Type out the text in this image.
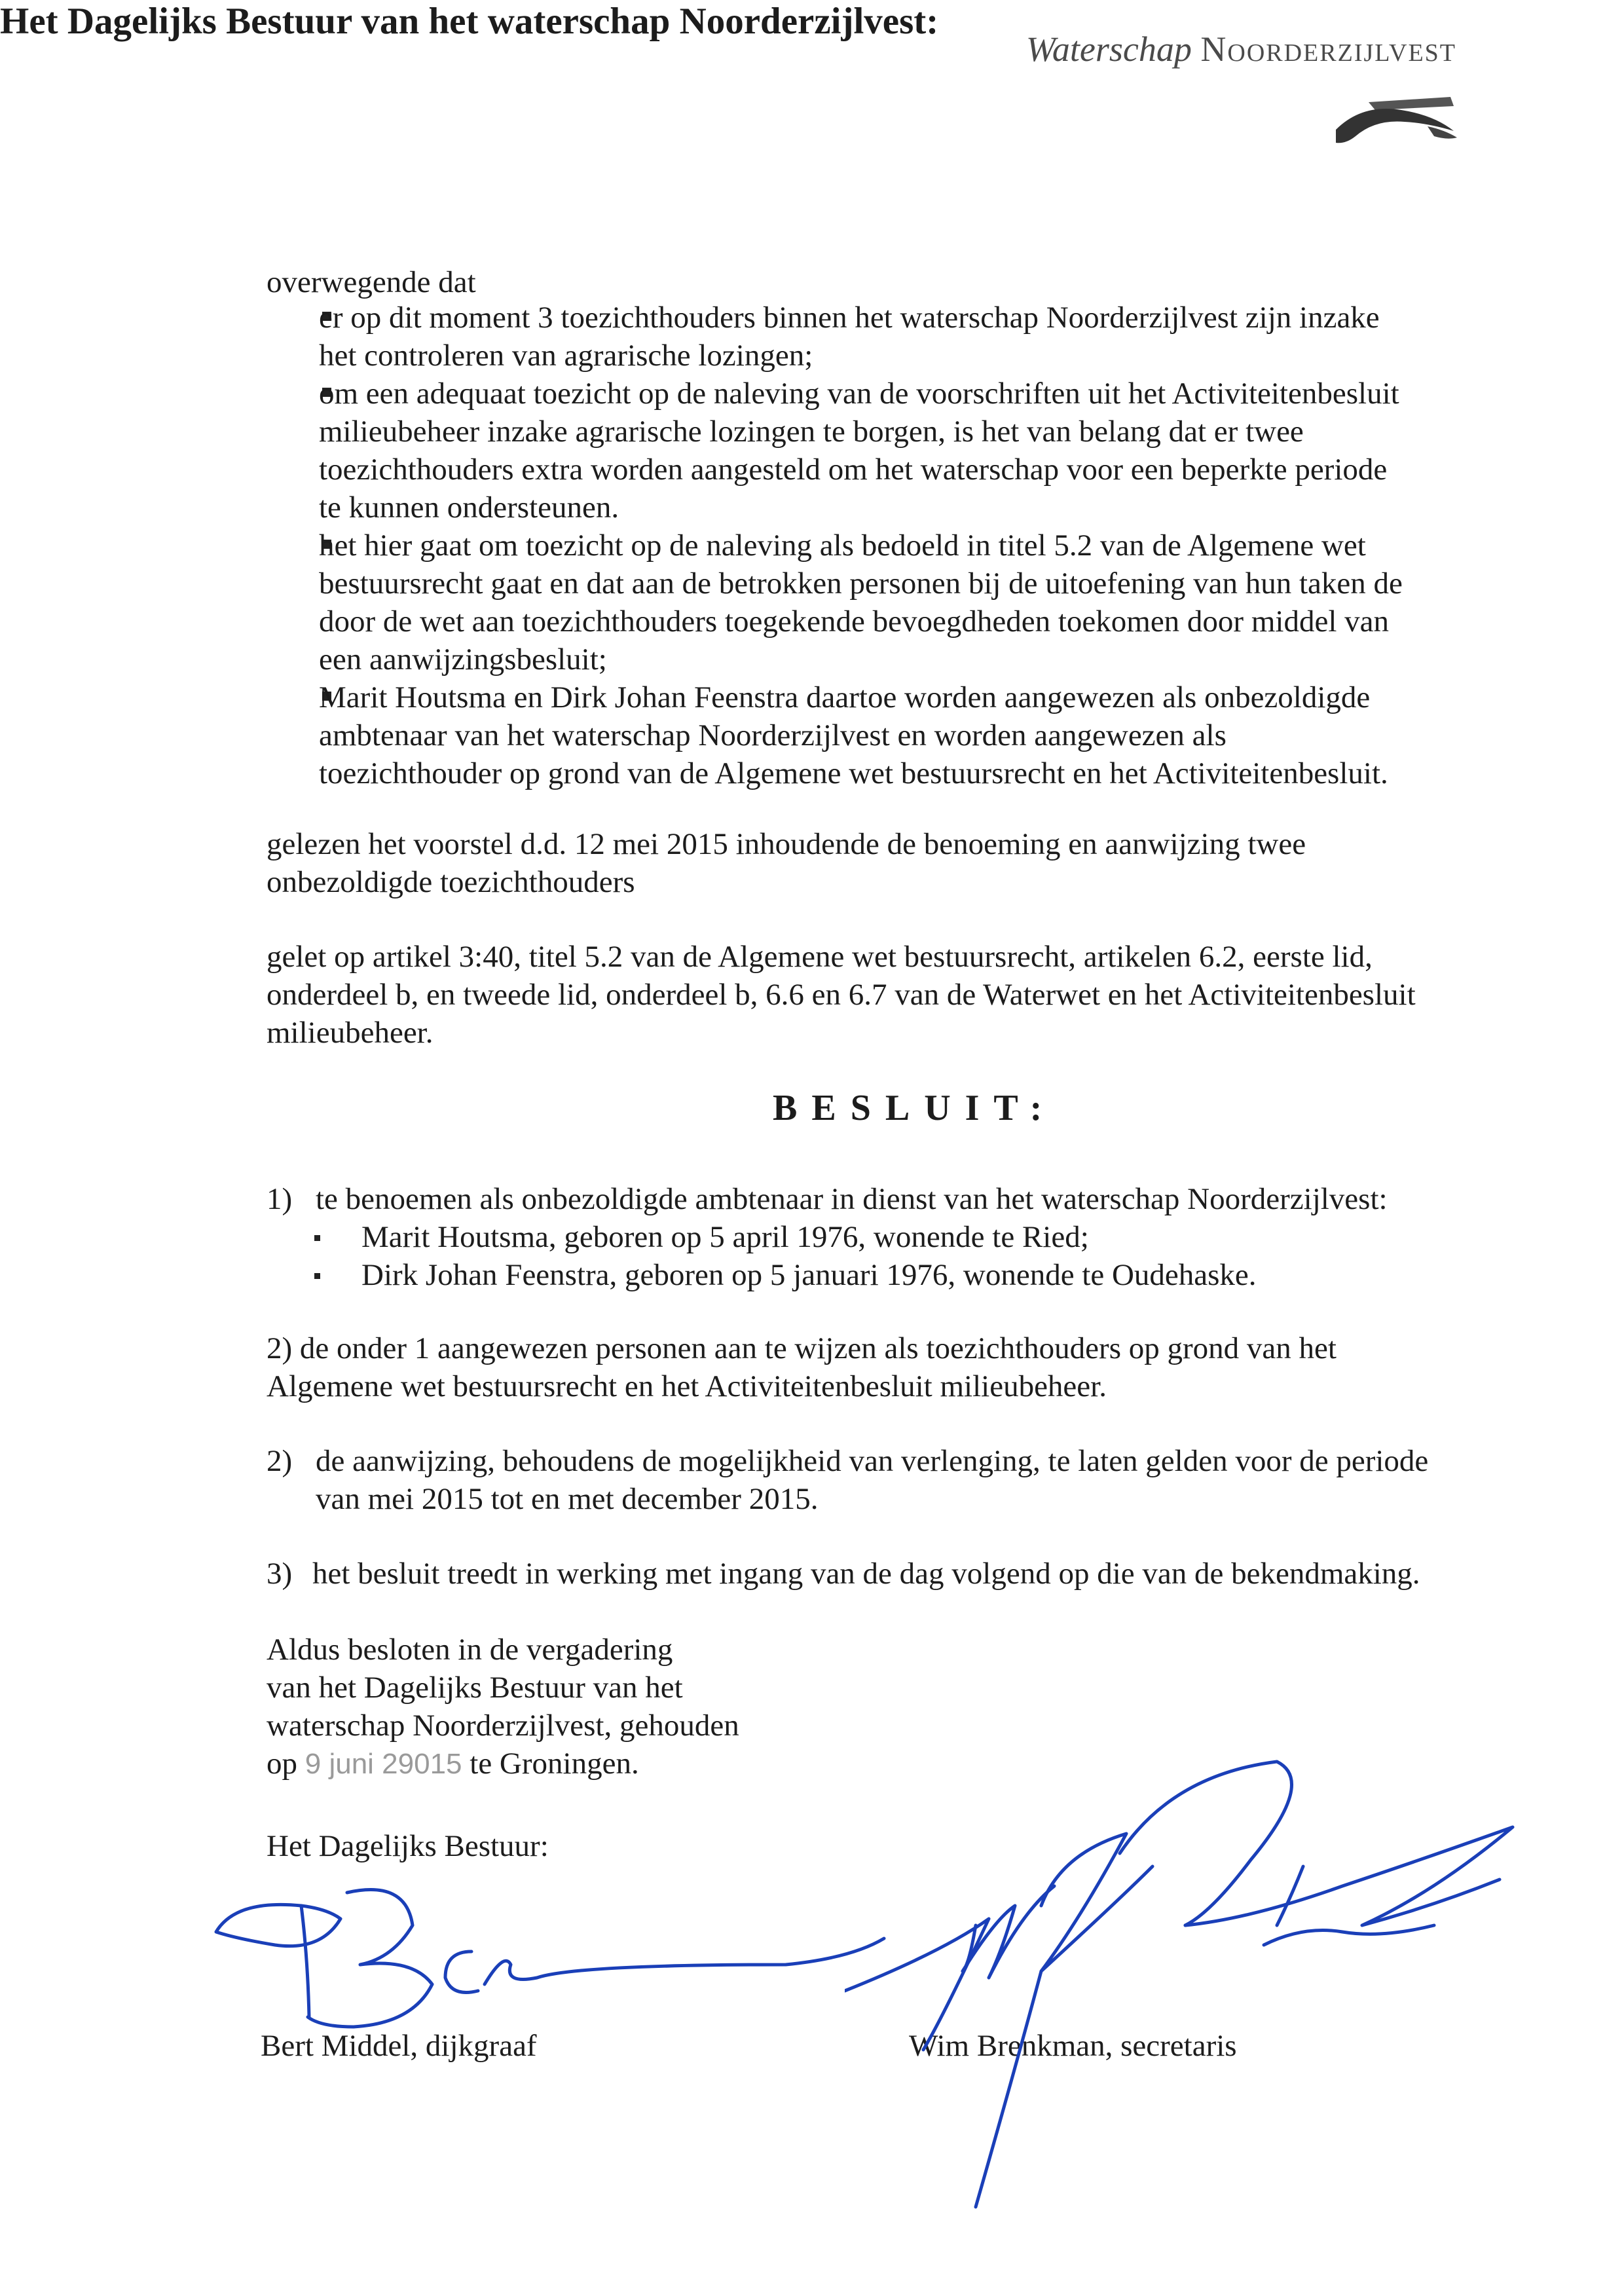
Waterschap Noorderzijlvest
Het Dagelijks Bestuur van het waterschap Noorderzijlvest:
overwegende dat
er op dit moment 3 toezichthouders binnen het waterschap Noorderzijlvest zijn inzake
het controleren van agrarische lozingen;
om een adequaat toezicht op de naleving van de voorschriften uit het Activiteitenbesluit
milieubeheer inzake agrarische lozingen te borgen, is het van belang dat er twee
toezichthouders extra worden aangesteld om het waterschap voor een beperkte periode
te kunnen ondersteunen.
het hier gaat om toezicht op de naleving als bedoeld in titel 5.2 van de Algemene wet
bestuursrecht gaat en dat aan de betrokken personen bij de uitoefening van hun taken de
door de wet aan toezichthouders toegekende bevoegdheden toekomen door middel van
een aanwijzingsbesluit;
Marit Houtsma en Dirk Johan Feenstra daartoe worden aangewezen als onbezoldigde
ambtenaar van het waterschap Noorderzijlvest en worden aangewezen als
toezichthouder op grond van de Algemene wet bestuursrecht en het Activiteitenbesluit.
gelezen het voorstel d.d. 12 mei 2015 inhoudende de benoeming en aanwijzing twee
onbezoldigde toezichthouders
gelet op artikel 3:40, titel 5.2 van de Algemene wet bestuursrecht, artikelen 6.2, eerste lid,
onderdeel b, en tweede lid, onderdeel b, 6.6 en 6.7 van de Waterwet en het Activiteitenbesluit
milieubeheer.
BESLUIT:
1) te benoemen als onbezoldigde ambtenaar in dienst van het waterschap Noorderzijlvest:
Marit Houtsma, geboren op 5 april 1976, wonende te Ried;
Dirk Johan Feenstra, geboren op 5 januari 1976, wonende te Oudehaske.
2) de onder 1 aangewezen personen aan te wijzen als toezichthouders op grond van het
Algemene wet bestuursrecht en het Activiteitenbesluit milieubeheer.
2) de aanwijzing, behoudens de mogelijkheid van verlenging, te laten gelden voor de periode
van mei 2015 tot en met december 2015.
3) het besluit treedt in werking met ingang van de dag volgend op die van de bekendmaking.
Aldus besloten in de vergadering
van het Dagelijks Bestuur van het
waterschap Noorderzijlvest, gehouden
op 9 juni 29015 te Groningen.
Het Dagelijks Bestuur:
Bert Middel, dijkgraaf	Wim Brenkman, secretaris
